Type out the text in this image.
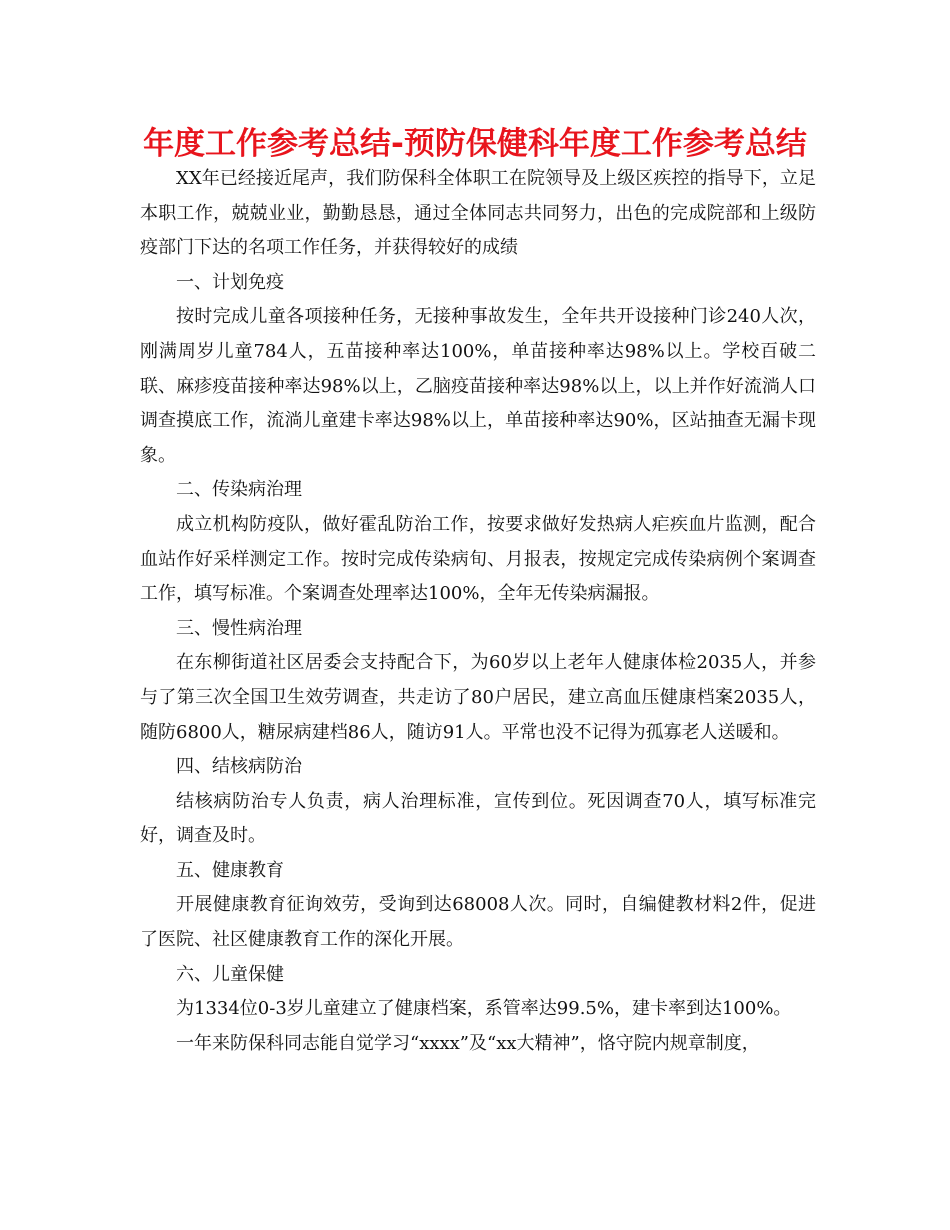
年度工作参考总结-预防保健科年度工作参考总结

XX年已经接近尾声，我们防保科全体职工在院领导及上级区疾控的指导下，立足本职工作，兢兢业业，勤勤恳恳，通过全体同志共同努力，出色的完成院部和上级防疫部门下达的名项工作任务，并获得较好的成绩

一、计划免疫

按时完成儿童各项接种任务，无接种事故发生，全年共开设接种门诊240人次，刚满周岁儿童784人，五苗接种率达100%，单苗接种率达98%以上。学校百破二联、麻疹疫苗接种率达98%以上，乙脑疫苗接种率达98%以上，以上并作好流淌人口调查摸底工作，流淌儿童建卡率达98%以上，单苗接种率达90%，区站抽查无漏卡现象。

二、传染病治理

成立机构防疫队，做好霍乱防治工作，按要求做好发热病人疟疾血片监测，配合血站作好采样测定工作。按时完成传染病旬、月报表，按规定完成传染病例个案调查工作，填写标准。个案调查处理率达100%，全年无传染病漏报。

三、慢性病治理

在东柳街道社区居委会支持配合下，为60岁以上老年人健康体检2035人，并参与了第三次全国卫生效劳调查，共走访了80户居民，建立高血压健康档案2035人，随防6800人，糖尿病建档86人，随访91人。平常也没不记得为孤寡老人送暖和。

四、结核病防治

结核病防治专人负责，病人治理标准，宣传到位。死因调查70人，填写标准完好，调查及时。

五、健康教育

开展健康教育征询效劳，受询到达68008人次。同时，自编健教材料2件，促进了医院、社区健康教育工作的深化开展。

六、儿童保健

为1334位0-3岁儿童建立了健康档案，系管率达99.5%，建卡率到达100%。

一年来防保科同志能自觉学习“xxxx”及“xx大精神”，恪守院内规章制度，
